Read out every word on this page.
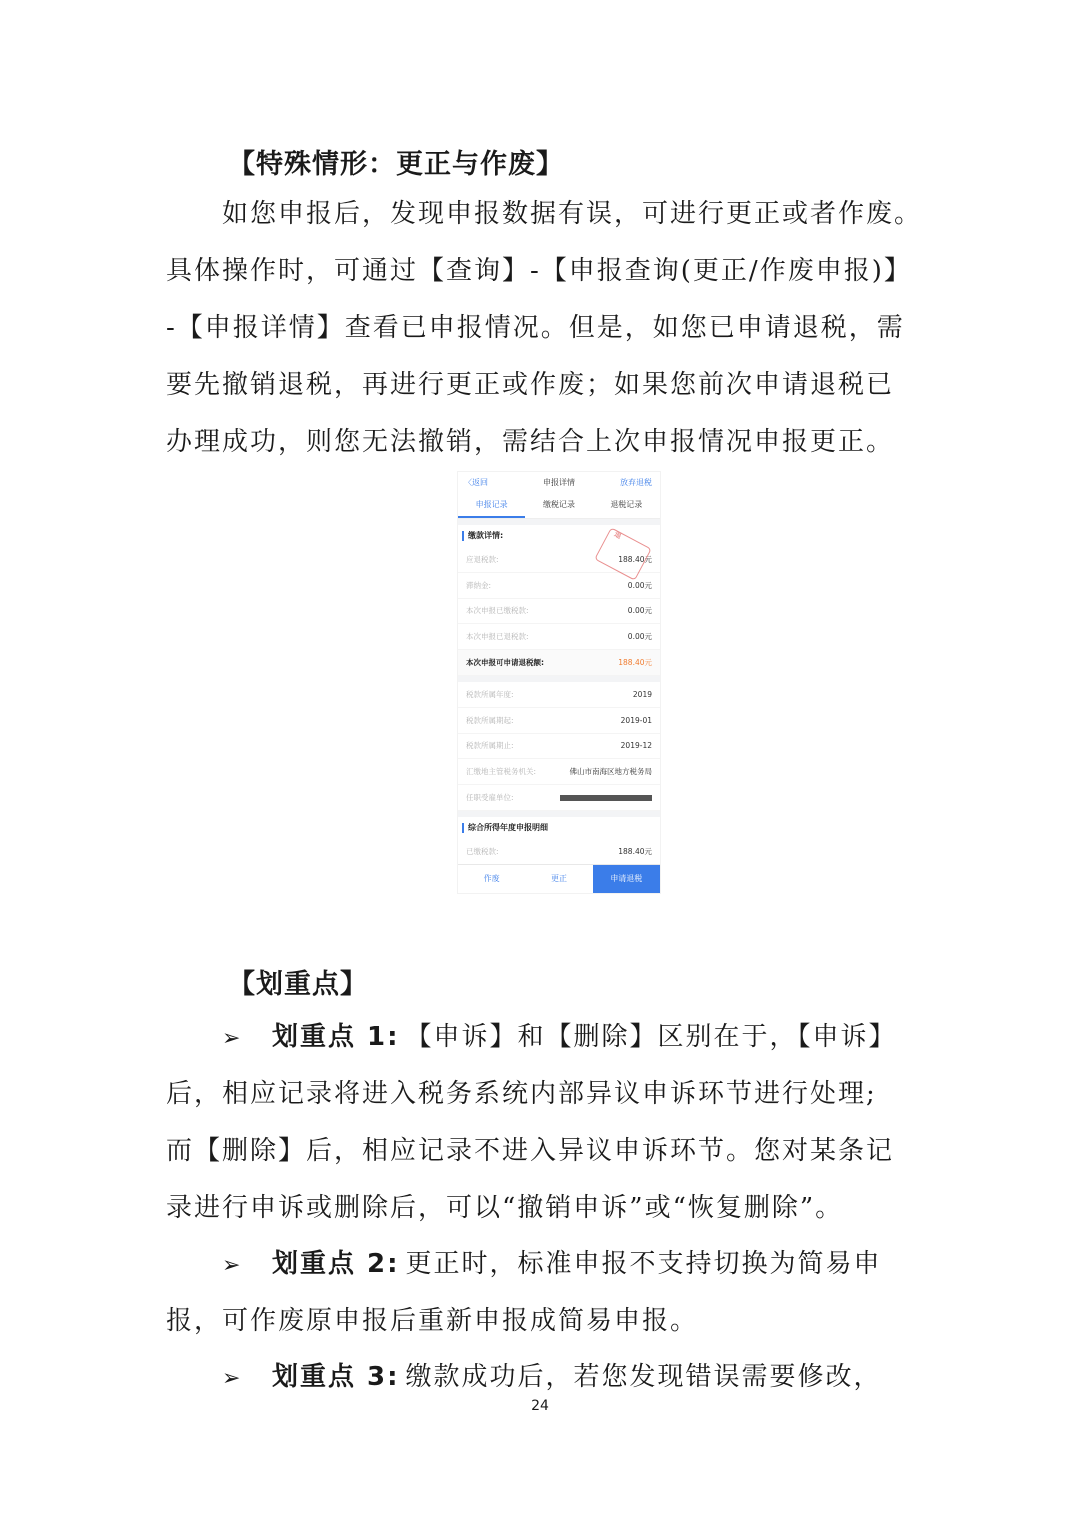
【特殊情形：更正与作废】
如您申报后，发现申报数据有误，可进行更正或者作废。
具体操作时，可通过【查询】-【申报查询(更正/作废申报)】
-【申报详情】查看已申报情况。但是，如您已申请退税，需
要先撤销退税，再进行更正或作废；如果您前次申请退税已
办理成功，则您无法撤销，需结合上次申报情况申报更正。
〈返回	申报详情	放弃退税
申报记录	缴税记录	退税记录
缴款详情:
应退税款:	188.40元
滞纳金:	0.00元
本次申报已缴税款:	0.00元
本次申报已退税款:	0.00元
本次申报可申请退税额:	188.40元
税款所属年度:	2019
税款所属期起:	2019-01
税款所属期止:	2019-12
汇缴地主管税务机关:	佛山市南海区地方税务局
任职受雇单位:
综合所得年度申报明细
已缴税款:	188.40元
退
作废	更正	申请退税
【划重点】
➢ 划重点 1: 【申诉】和【删除】区别在于，【申诉】
后，相应记录将进入税务系统内部异议申诉环节进行处理;
而【删除】后，相应记录不进入异议申诉环节。您对某条记
录进行申诉或删除后，可以“撤销申诉”或“恢复删除”。
➢ 划重点 2: 更正时，标准申报不支持切换为简易申
报，可作废原申报后重新申报成简易申报。
➢ 划重点 3: 缴款成功后，若您发现错误需要修改，
24
